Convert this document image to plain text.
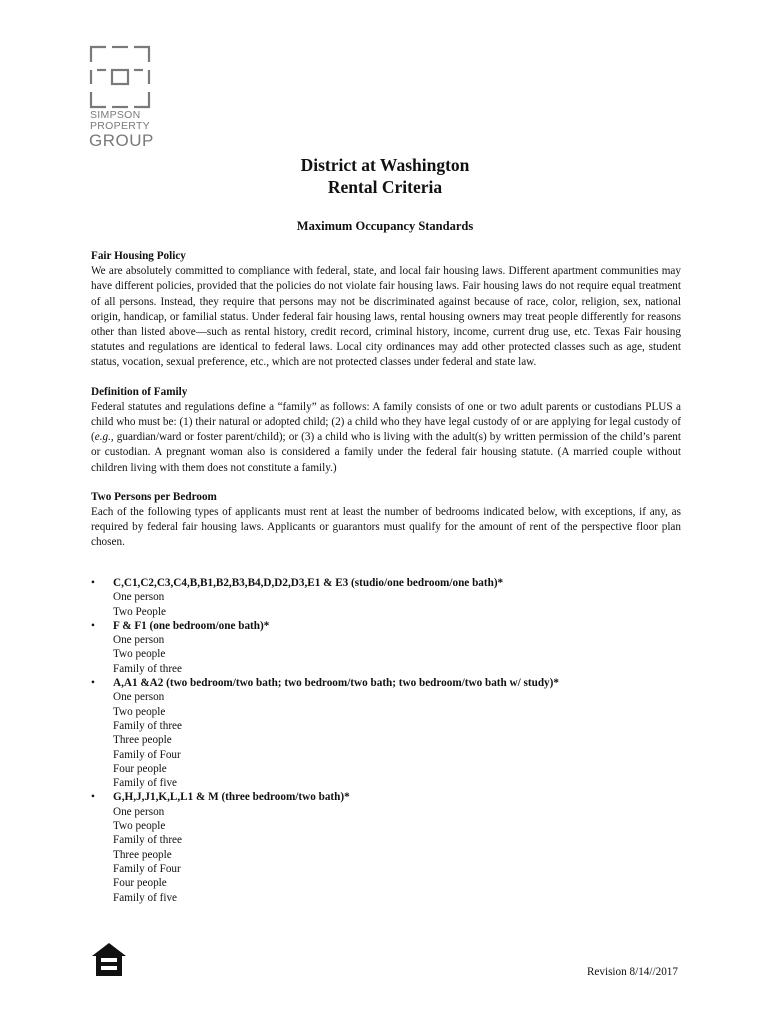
SIMPSON
PROPERTY
GROUP
District at Washington
Rental Criteria
Maximum Occupancy Standards
Fair Housing Policy
We are absolutely committed to compliance with federal, state, and local fair housing laws. Different apartment communities may have different policies, provided that the policies do not violate fair housing laws. Fair housing laws do not require equal treatment of all persons. Instead, they require that persons may not be discriminated against because of race, color, religion, sex, national origin, handicap, or familial status. Under federal fair housing laws, rental housing owners may treat people differently for reasons other than listed above—such as rental history, credit record, criminal history, income, current drug use, etc. Texas Fair housing statutes and regulations are identical to federal laws. Local city ordinances may add other protected classes such as age, student status, vocation, sexual preference, etc., which are not protected classes under federal and state law.
Definition of Family
Federal statutes and regulations define a “family” as follows: A family consists of one or two adult parents or custodians PLUS a child who must be: (1) their natural or adopted child; (2) a child who they have legal custody of or are applying for legal custody of (e.g., guardian/ward or foster parent/child); or (3) a child who is living with the adult(s) by written permission of the child’s parent or custodian. A pregnant woman also is considered a family under the federal fair housing statute. (A married couple without children living with them does not constitute a family.)
Two Persons per Bedroom
Each of the following types of applicants must rent at least the number of bedrooms indicated below, with exceptions, if any, as required by federal fair housing laws. Applicants or guarantors must qualify for the amount of rent of the perspective floor plan chosen.
•	C,C1,C2,C3,C4,B,B1,B2,B3,B4,D,D2,D3,E1 & E3 (studio/one bedroom/one bath)*
One person
Two People
•	F & F1 (one bedroom/one bath)*
One person
Two people
Family of three
•	A,A1 &A2 (two bedroom/two bath; two bedroom/two bath; two bedroom/two bath w/ study)*
One person
Two people
Family of three
Three people
Family of Four
Four people
Family of five
•	G,H,J,J1,K,L,L1 & M (three bedroom/two bath)*
One person
Two people
Family of three
Three people
Family of Four
Four people
Family of five
Revision 8/14//2017
